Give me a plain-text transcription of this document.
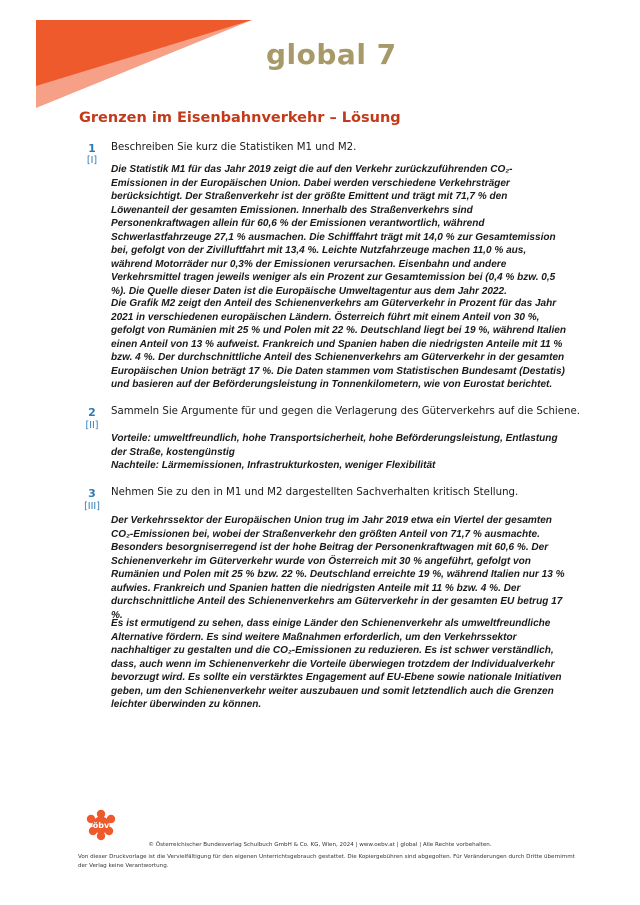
global 7
Grenzen im Eisenbahnverkehr – Lösung
1
[I]

Beschreiben Sie kurz die Statistiken M1 und M2.

Die Statistik M1 für das Jahr 2019 zeigt die auf den Verkehr zurückzuführenden CO₂-Emissionen in der Europäischen Union. Dabei werden verschiedene Verkehrsträger berücksichtigt. Der Straßenverkehr ist der größte Emittent und trägt mit 71,7 % den Löwenanteil der gesamten Emissionen. Innerhalb des Straßenverkehrs sind Personenkraftwagen allein für 60,6 % der Emissionen verantwortlich, während Schwerlastfahrzeuge 27,1 % ausmachen. Die Schifffahrt trägt mit 14,0 % zur Gesamtemission bei, gefolgt von der Zivilluftfahrt mit 13,4 %. Leichte Nutzfahrzeuge machen 11,0 % aus, während Motorräder nur 0,3% der Emissionen verursachen. Eisenbahn und andere Verkehrsmittel tragen jeweils weniger als ein Prozent zur Gesamtemission bei (0,4 % bzw. 0,5 %). Die Quelle dieser Daten ist die Europäische Umweltagentur aus dem Jahr 2022.

Die Grafik M2 zeigt den Anteil des Schienenverkehrs am Güterverkehr in Prozent für das Jahr 2021 in verschiedenen europäischen Ländern. Österreich führt mit einem Anteil von 30 %, gefolgt von Rumänien mit 25 % und Polen mit 22 %. Deutschland liegt bei 19 %, während Italien einen Anteil von 13 % aufweist. Frankreich und Spanien haben die niedrigsten Anteile mit 11 % bzw. 4 %. Der durchschnittliche Anteil des Schienenverkehrs am Güterverkehr in der gesamten Europäischen Union beträgt 17 %. Die Daten stammen vom Statistischen Bundesamt (Destatis) und basieren auf der Beförderungsleistung in Tonnenkilometern, wie von Eurostat berichtet.

2
[II]

Sammeln Sie Argumente für und gegen die Verlagerung des Güterverkehrs auf die Schiene.

Vorteile: umweltfreundlich, hohe Transportsicherheit, hohe Beförderungsleistung, Entlastung der Straße, kostengünstig

Nachteile: Lärmemissionen, Infrastrukturkosten, weniger Flexibilität

3
[III]

Nehmen Sie zu den in M1 und M2 dargestellten Sachverhalten kritisch Stellung.

Der Verkehrssektor der Europäischen Union trug im Jahr 2019 etwa ein Viertel der gesamten CO₂-Emissionen bei, wobei der Straßenverkehr den größten Anteil von 71,7 % ausmachte. Besonders besorgniserregend ist der hohe Beitrag der Personenkraftwagen mit 60,6 %. Der Schienenverkehr im Güterverkehr wurde von Österreich mit 30 % angeführt, gefolgt von Rumänien und Polen mit 25 % bzw. 22 %. Deutschland erreichte 19 %, während Italien nur 13 % aufwies. Frankreich und Spanien hatten die niedrigsten Anteile mit 11 % bzw. 4 %. Der durchschnittliche Anteil des Schienenverkehrs am Güterverkehr in der gesamten EU betrug 17 %.

Es ist ermutigend zu sehen, dass einige Länder den Schienenverkehr als umweltfreundliche Alternative fördern. Es sind weitere Maßnahmen erforderlich, um den Verkehrssektor nachhaltiger zu gestalten und die CO₂-Emissionen zu reduzieren. Es ist schwer verständlich, dass, auch wenn im Schienenverkehr die Vorteile überwiegen trotzdem der Individualverkehr bevorzugt wird. Es sollte ein verstärktes Engagement auf EU-Ebene sowie nationale Initiativen geben, um den Schienenverkehr weiter auszubauen und somit letztendlich auch die Grenzen leichter überwinden zu können.

öbv
© Österreichischer Bundesverlag Schulbuch GmbH & Co. KG, Wien, 2024 | www.oebv.at | global | Alle Rechte vorbehalten.

Von dieser Druckvorlage ist die Vervielfältigung für den eigenen Unterrichtsgebrauch gestattet. Die Kopiergebühren sind abgegolten. Für Veränderungen durch Dritte übernimmt der Verlag keine Verantwortung.
